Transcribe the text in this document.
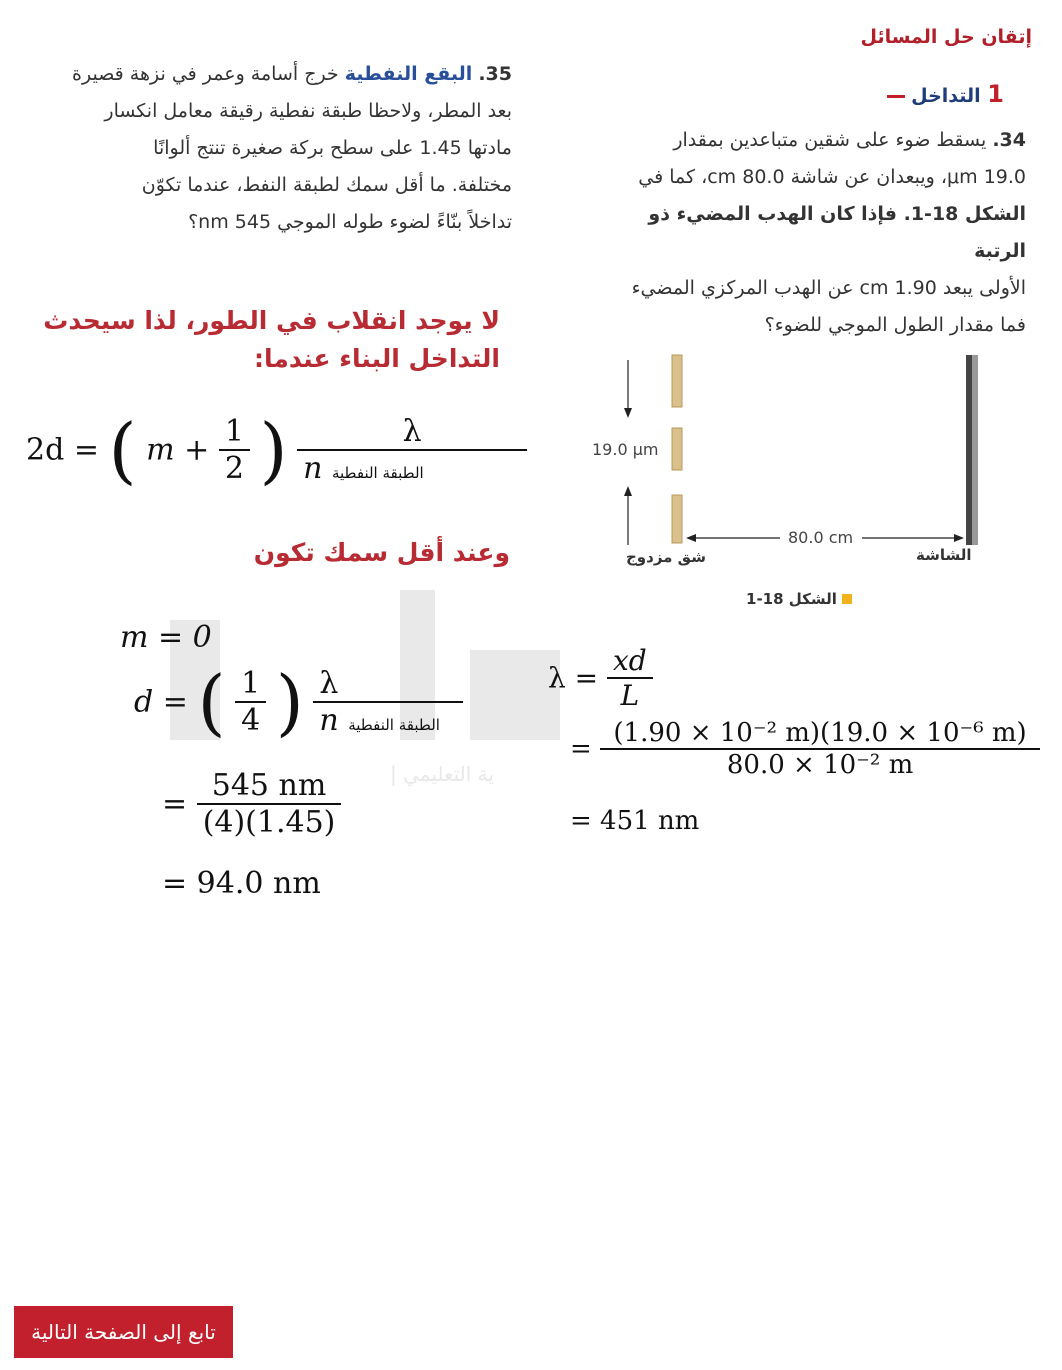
ية التعليمي |
إتقان حل المسائل
1 التداخل
34. يسقط ضوء على شقين متباعدين بمقدار
19.0 μm، ويبعدان عن شاشة 80.0 cm، كما في
الشكل 18-1. فإذا كان الهدب المضيء ذو الرتبة
الأولى يبعد 1.90 cm عن الهدب المركزي المضيء
فما مقدار الطول الموجي للضوء؟
35. البقع النفطية خرج أسامة وعمر في نزهة قصيرة
بعد المطر، ولاحظا طبقة نفطية رقيقة معامل انكسار
مادتها 1.45 على سطح بركة صغيرة تنتج ألوانًا
مختلفة. ما أقل سمك لطبقة النفط، عندما تكوّن
تداخلاً بنّاءً لضوء طوله الموجي 545 nm؟
19.0 μm
80.0 cm
شق مزدوج	الشاشة
الشكل 18-1
لا يوجد انقلاب في الطور، لذا سيحدث
التداخل البناء عندما:
2d = ( $m + \frac{1}{2}$ ) $\frac{\lambda}{\text{n الطبقة النفطية}}$
وعند أقل سمك تكون
m = 0
d = ( $\frac{1}{4}$ ) $\frac{\lambda}{\text{n الطبقة النفطية}}$
= $\frac{545 nm}{(4)(1.45)}$
= 94.0 nm
$\lambda = \frac{xd}{L}$
= $\frac{\text{(1.90 × 10⁻² m)(19.0 × 10⁻⁶ m)}}{\text{80.0 × 10⁻² m}}$
= 451 nm
تابع إلى الصفحة التالية
